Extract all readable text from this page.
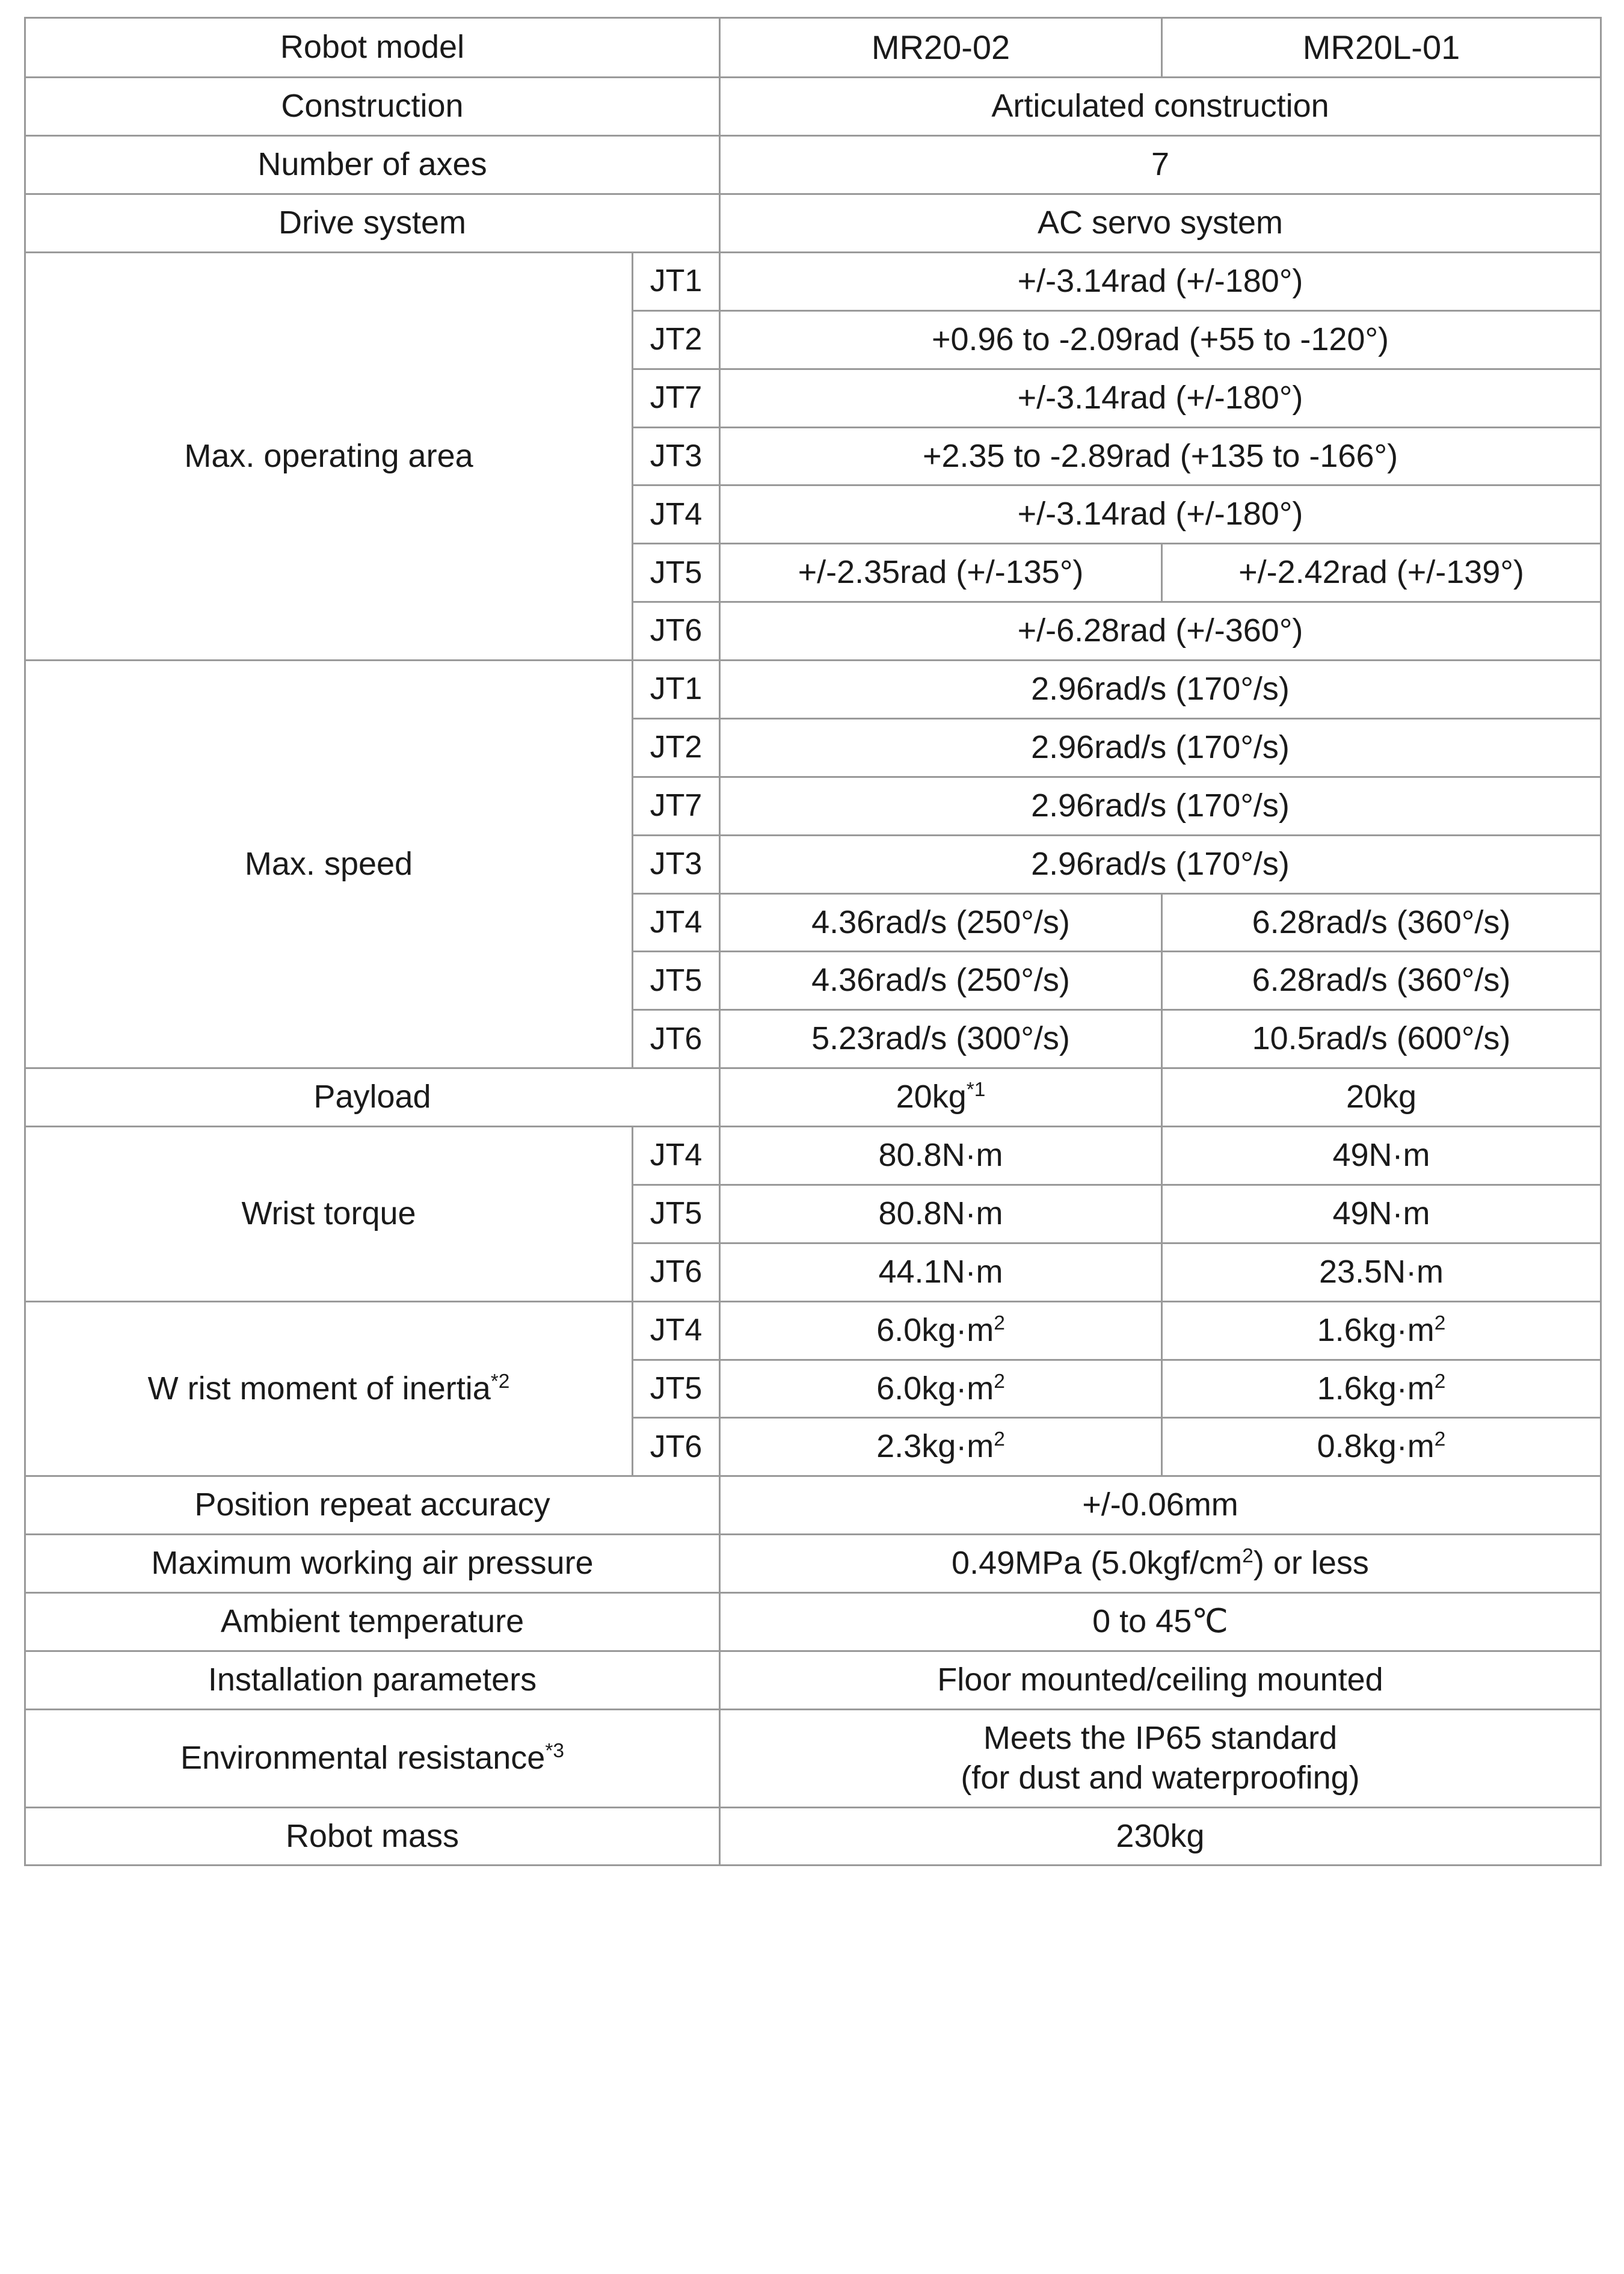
Robot model		MR20-02	MR20L-01
Construction		Articulated construction	
Number of axes		7	
Drive system		AC servo system	
Max. operating area	JT1	+/-3.14rad (+/-180°)	
	JT2	+0.96 to -2.09rad (+55 to -120°)	
	JT7	+/-3.14rad (+/-180°)	
	JT3	+2.35 to -2.89rad (+135 to -166°)	
	JT4	+/-3.14rad (+/-180°)	
	JT5	+/-2.35rad (+/-135°)	+/-2.42rad (+/-139°)
	JT6	+/-6.28rad (+/-360°)	
Max. speed	JT1	2.96rad/s (170°/s)	
	JT2	2.96rad/s (170°/s)	
	JT7	2.96rad/s (170°/s)	
	JT3	2.96rad/s (170°/s)	
	JT4	4.36rad/s (250°/s)	6.28rad/s (360°/s)
	JT5	4.36rad/s (250°/s)	6.28rad/s (360°/s)
	JT6	5.23rad/s (300°/s)	10.5rad/s (600°/s)
Payload		$20kg^{*1}$	20kg
Wrist torque	JT4	80.8N·m	49N·m
	JT5	80.8N·m	49N·m
	JT6	44.1N·m	23.5N·m
W rist moment of inertia$^{*2}$	JT4	$6.0kg\cdot m^2$	$1.6kg\cdot m^2$
	JT5	$6.0kg\cdot m^2$	$1.6kg\cdot m^2$
	JT6	$2.3kg\cdot m^2$	$0.8kg\cdot m^2$
Position repeat accuracy		+/-0.06mm	
Maximum working air pressure		0.49MPa $(5.0kgf/cm^2)$ or less	
Ambient temperature		0 to 45℃	
Installation parameters		Floor mounted/ceiling mounted	
Environmental resistance$^{*3}$		Meets the IP65 standard
(for dust and waterproofing)	

Robot mass		230kg	
